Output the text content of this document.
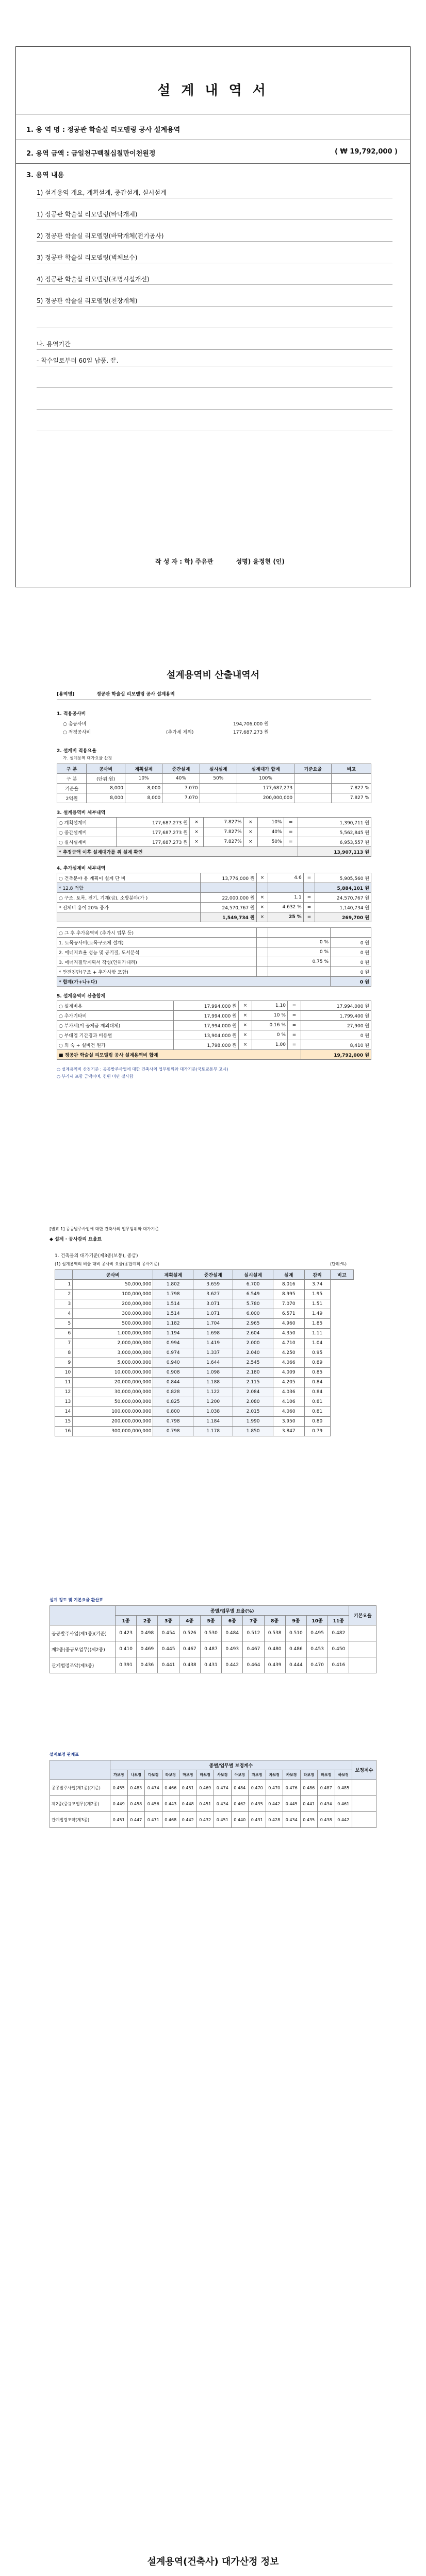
설 계 내 역 서
1. 용 역 명 : 정공관 학술실 리모델링 공사 설계용역
2. 용역 금액 : 금일천구백칠십칠만이천원정	( ₩ 19,792,000 )
3. 용역 내용
1) 설계용역 개요, 계획설계, 중간설계, 실시설계
1) 정공관 학술실 리모델링(바닥개체)
2) 정공관 학술실 리모델링(바닥개체(전기공사)
3) 정공관 학술실 리모델링(벽체보수)
4) 정공관 학술실 리모델링(조명시설개선)
5) 정공관 학술실 리모델링(천장개체)
나. 용역기간
- 착수일로부터 60일 납품. 끝.
작 성 자 : 학) 주유관	성명) 윤정현 (인)
설계용역비 산출내역서
[용역명]	정공관 학술실 리모델링 공사 설계용역
1. 적용공사비
○ 총공사비	194,706,000 원
○ 적정공사비	(추가세 제외)	177,687,273 원
2. 설계비 적용요율
가. 설계용역 대가요율 산정
구 분	공사비	계획설계	중간설계	실시설계	설계대가 합계	기준요율	비고
구 분	(단위:원)	10%	40%	50%	100%		
기준율	8,000	8,000	7.070		177,687,273		7.827 %
2억원	8,000	8,000	7.070		200,000,000		7.827 %
3. 설계용역비 세부내역
○ 계획설계비	177,687,273 원	×	7.827%	×	10%	=	1,390,711 원
○ 중간설계비	177,687,273 원	×	7.827%	×	40%	=	5,562,845 원
○ 실시설계비	177,687,273 원	×	7.827%	×	50%	=	6,953,557 원
* 추정금액 이후 설계대가를 위 설계 확인							13,907,113 원
4. 추가설계비 세부내역
○ 건축분야 용 계획이 설계 단 비	13,776,000 원	×	4.6	=	5,905,560 원
* 12.8 적합					5,884,101 원
○ 구조, 토목, 전기, 기계(급), 소방분야(가 )	22,000,000 원	×	1.1	=	24,570,767 원
* 전체비 용이 20% 증가	24,570,767 원	×	4.632 %	=	1,140,734 원
	1,549,734 원	×	25 %	=	269,700 원
○ 그 후 추가용역비 (추가시 업무 등)			
1. 토목공사비(토목구조체 설계)		0 %	0 원
2. 에너지효율 성능 및 공기질, 도서분석		0 %	0 원
3. 에너지절약계획서 작성(인허가대리)		0.75 %	0 원
* 안전진단(구조 + 추가사항 포함)			0 원
* 합계(가+나+다)			0 원
5. 설계용역비 산출합계
○ 설계비용	17,994,000 원	×	1.10	=	17,994,000 원
○ 추가기타비	17,994,000 원	×	10 %	=	1,799,400 원
○ 부가세(이 공제금 제외대체)	17,994,000 원	×	0.16 %	=	27,900 원
○ 부대업 기간경과 비용별	13,904,000 원	×	0 %	=	0 원
○ 외 숙 + 설비건 원가	1,798,000 원	×	1.00	=	8,410 원
■ 정공관 학술실 리모델링 공사 설계용역비 합계					19,792,000 원
○ 설계용역비 산정기준 : 공공발주사업에 대한 건축사의 업무범위와 대가기준(국토교통부 고시)
○ 부가세 포함 금액이며, 천원 미만 절사함
[별표 1] 공공발주사업에 대한 건축사의 업무범위와 대가기준
◆ 설계 · 공사감리 요율표
1. 건축물의 대가기준(제3종(보통), 종급)
(1) 설계용역의 비율 대비 공사비 요율(종합계획 공사기준)	(단위:%)
	공사비	계획설계	중간설계	실시설계	설계	감리	비고
1	50,000,000	1.802	3.659	6.700	8.016	3.74	
2	100,000,000	1.798	3.627	6.549	8.995	1.95	
3	200,000,000	1.514	3.071	5.780	7.070	1.51	
4	300,000,000	1.514	1.071	6.000	6.571	1.49	
5	500,000,000	1.182	1.704	2.965	4.960	1.85	
6	1,000,000,000	1.194	1.698	2.604	4.350	1.11	
7	2,000,000,000	0.994	1.419	2.000	4.710	1.04	
8	3,000,000,000	0.974	1.337	2.040	4.250	0.95	
9	5,000,000,000	0.940	1.644	2.545	4.066	0.89	
10	10,000,000,000	0.908	1.098	2.180	4.009	0.85	
11	20,000,000,000	0.844	1.188	2.115	4.205	0.84	
12	30,000,000,000	0.828	1.122	2.084	4.036	0.84	
13	50,000,000,000	0.825	1.200	2.080	4.106	0.81	
14	100,000,000,000	0.800	1.038	2.015	4.060	0.81	
15	200,000,000,000	0.798	1.184	1.990	3.950	0.80	
16	300,000,000,000	0.798	1.178	1.850	3.847	0.79	
설계 정도 및 기본요율 환산표
	종별/업무별 요율(%)											기본요율
	1종	2종	3종	4종	5종	6종	7종	8종	9종	10종	11종	
공공발주사업(제1종)(기준)	0.423	0.498	0.454	0.526	0.530	0.484	0.512	0.538	0.510	0.495	0.482	
제2종(중규모업무)(제2종)	0.410	0.469	0.445	0.467	0.487	0.493	0.467	0.480	0.486	0.453	0.450	
관계법령조약(제3종)	0.391	0.436	0.441	0.438	0.431	0.442	0.464	0.439	0.444	0.470	0.416	
설계보정 관계표
	종별/업무별 보정계수														보정계수
	가보정	나보정	다보정	라보정	마보정	바보정	사보정	아보정	자보정	차보정	카보정	타보정	파보정	하보정	
공공발주사업(제1종)(기준)	0.455	0.483	0.474	0.466	0.451	0.469	0.474	0.484	0.470	0.470	0.476	0.486	0.487	0.485	
제2종(중규모업무)(제2종)	0.449	0.458	0.456	0.443	0.448	0.451	0.434	0.462	0.435	0.442	0.445	0.441	0.434	0.461	
관계법령조약(제3종)	0.451	0.447	0.471	0.468	0.442	0.432	0.451	0.440	0.431	0.428	0.434	0.435	0.438	0.442	
설계용역(건축사) 대가산정 정보
